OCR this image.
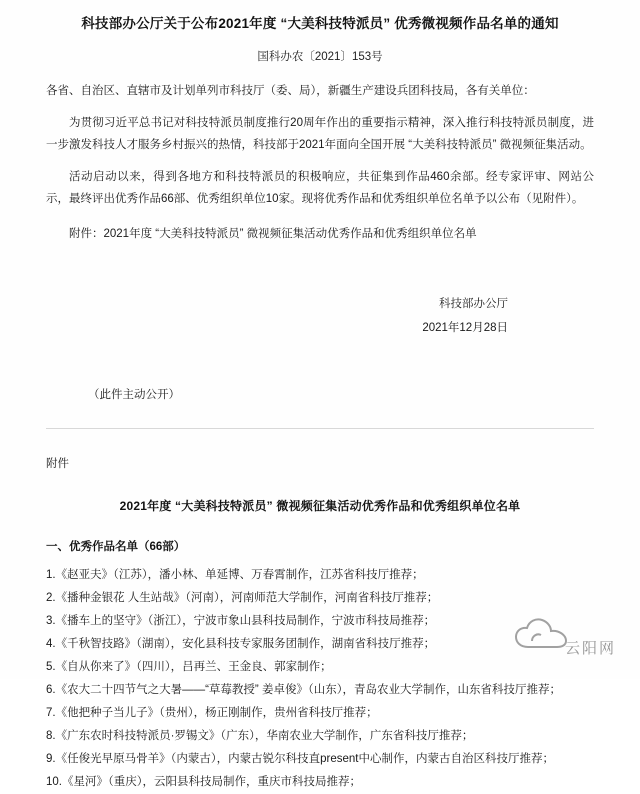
科技部办公厅关于公布2021年度 “大美科技特派员” 优秀微视频作品名单的通知
国科办农〔2021〕153号

各省、自治区、直辖市及计划单列市科技厅（委、局），新疆生产建设兵团科技局，各有关单位：

为贯彻习近平总书记对科技特派员制度推行20周年作出的重要指示精神，深入推行科技特派员制度，进一步激发科技人才服务乡村振兴的热情，科技部于2021年面向全国开展 “大美科技特派员” 微视频征集活动。

活动启动以来，得到各地方和科技特派员的积极响应，共征集到作品460余部。经专家评审、网站公示，最终评出优秀作品66部、优秀组织单位10家。现将优秀作品和优秀组织单位名单予以公布（见附件）。

附件：2021年度 “大美科技特派员” 微视频征集活动优秀作品和优秀组织单位名单

科技部办公厅
2021年12月28日
（此件主动公开）
附件
2021年度 “大美科技特派员” 微视频征集活动优秀作品和优秀组织单位名单
一、优秀作品名单（66部）
1.《赵亚夫》（江苏），潘小林、单延博、万春霄制作，江苏省科技厅推荐；
2.《播种金银花 人生站哉》（河南），河南师范大学制作，河南省科技厅推荐；
3.《播车上的坚守》（浙江），宁波市象山县科技局制作，宁波市科技局推荐；
4.《千秋智技路》（湖南），安化县科技专家服务团制作，湖南省科技厅推荐；
5.《自从你来了》（四川），吕再兰、王金良、郭家制作；
6.《农大二十四节气之大暑——“草莓教授” 姜卓俊》（山东），青岛农业大学制作，山东省科技厅推荐；
7.《他把种子当儿子》（贵州），杨正刚制作，贵州省科技厅推荐；
8.《广东农时科技特派员·罗锡文》（广东），华南农业大学制作，广东省科技厅推荐；
9.《任俊光早原马骨羊》（内蒙古），内蒙古锐尔科技直present中心制作，内蒙古自治区科技厅推荐；
10.《星河》（重庆），云阳县科技局制作，重庆市科技局推荐；
云阳网
